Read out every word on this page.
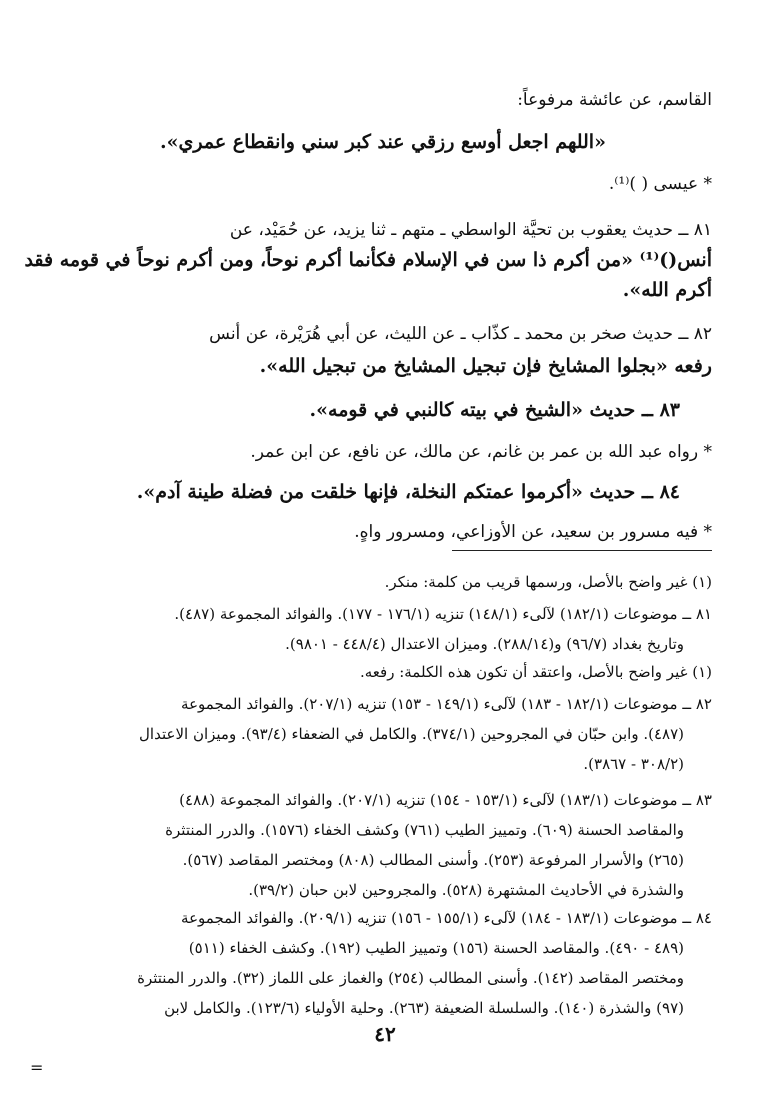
القاسم، عن عائشة مرفوعاً:
«اللهم اجعل أوسع رزقي عند كبر سني وانقطاع عمري».
* عيسى ( )⁽¹⁾.
٨١ ــ حديث يعقوب بن تحيَّة الواسطي ـ متهم ـ ثنا يزيد، عن حُمَيْد، عن
أنس()⁽¹⁾ «من أكرم ذا سن في الإسلام فكأنما أكرم نوحاً، ومن أكرم نوحاً في قومه فقد
أكرم الله».
٨٢ ــ حديث صخر بن محمد ـ كذّاب ـ عن الليث، عن أبي هُرَيْرة، عن أنس
رفعه «بجلوا المشايخ فإن تبجيل المشايخ من تبجيل الله».
٨٣ ــ حديث «الشيخ في بيته كالنبي في قومه».
* رواه عبد الله بن عمر بن غانم، عن مالك، عن نافع، عن ابن عمر.
٨٤ ــ حديث «أكرموا عمتكم النخلة، فإنها خلقت من فضلة طينة آدم».
* فيه مسرور بن سعيد، عن الأوزاعي، ومسرور واهٍ.
(١) غير واضح بالأصل، ورسمها قريب من كلمة: منكر.
٨١ ــ موضوعات (١٨٢/١) لآلىء (١٤٨/١) تنزيه (١٧٦/١ - ١٧٧). والفوائد المجموعة (٤٨٧).
وتاريخ بغداد (٩٦/٧) و(٢٨٨/١٤). وميزان الاعتدال (٤٤٨/٤ - ٩٨٠١).
(١) غير واضح بالأصل، واعتقد أن تكون هذه الكلمة: رفعه.
٨٢ ــ موضوعات (١٨٢/١ - ١٨٣) لآلىء (١٤٩/١ - ١٥٣) تنزيه (٢٠٧/١). والفوائد المجموعة
(٤٨٧). وابن حبّان في المجروحين (٣٧٤/١). والكامل في الضعفاء (٩٣/٤). وميزان الاعتدال
(٣٠٨/٢ - ٣٨٦٧).
٨٣ ــ موضوعات (١٨٣/١) لآلىء (١٥٣/١ - ١٥٤) تنزيه (٢٠٧/١). والفوائد المجموعة (٤٨٨)
والمقاصد الحسنة (٦٠٩). وتمييز الطيب (٧٦١) وكشف الخفاء (١٥٧٦). والدرر المنتثرة
(٢٦٥) والأسرار المرفوعة (٢٥٣). وأسنى المطالب (٨٠٨) ومختصر المقاصد (٥٦٧).
والشذرة في الأحاديث المشتهرة (٥٢٨). والمجروحين لابن حبان (٣٩/٢).
٨٤ ــ موضوعات (١٨٣/١ - ١٨٤) لآلىء (١٥٥/١ - ١٥٦) تنزيه (٢٠٩/١). والفوائد المجموعة
(٤٨٩ - ٤٩٠). والمقاصد الحسنة (١٥٦) وتمييز الطيب (١٩٢). وكشف الخفاء (٥١١)
ومختصر المقاصد (١٤٢). وأسنى المطالب (٢٥٤) والغماز على اللماز (٣٢). والدرر المنتثرة
(٩٧) والشذرة (١٤٠). والسلسلة الضعيفة (٢٦٣). وحلية الأولياء (١٢٣/٦). والكامل لابن
٤٢
=
